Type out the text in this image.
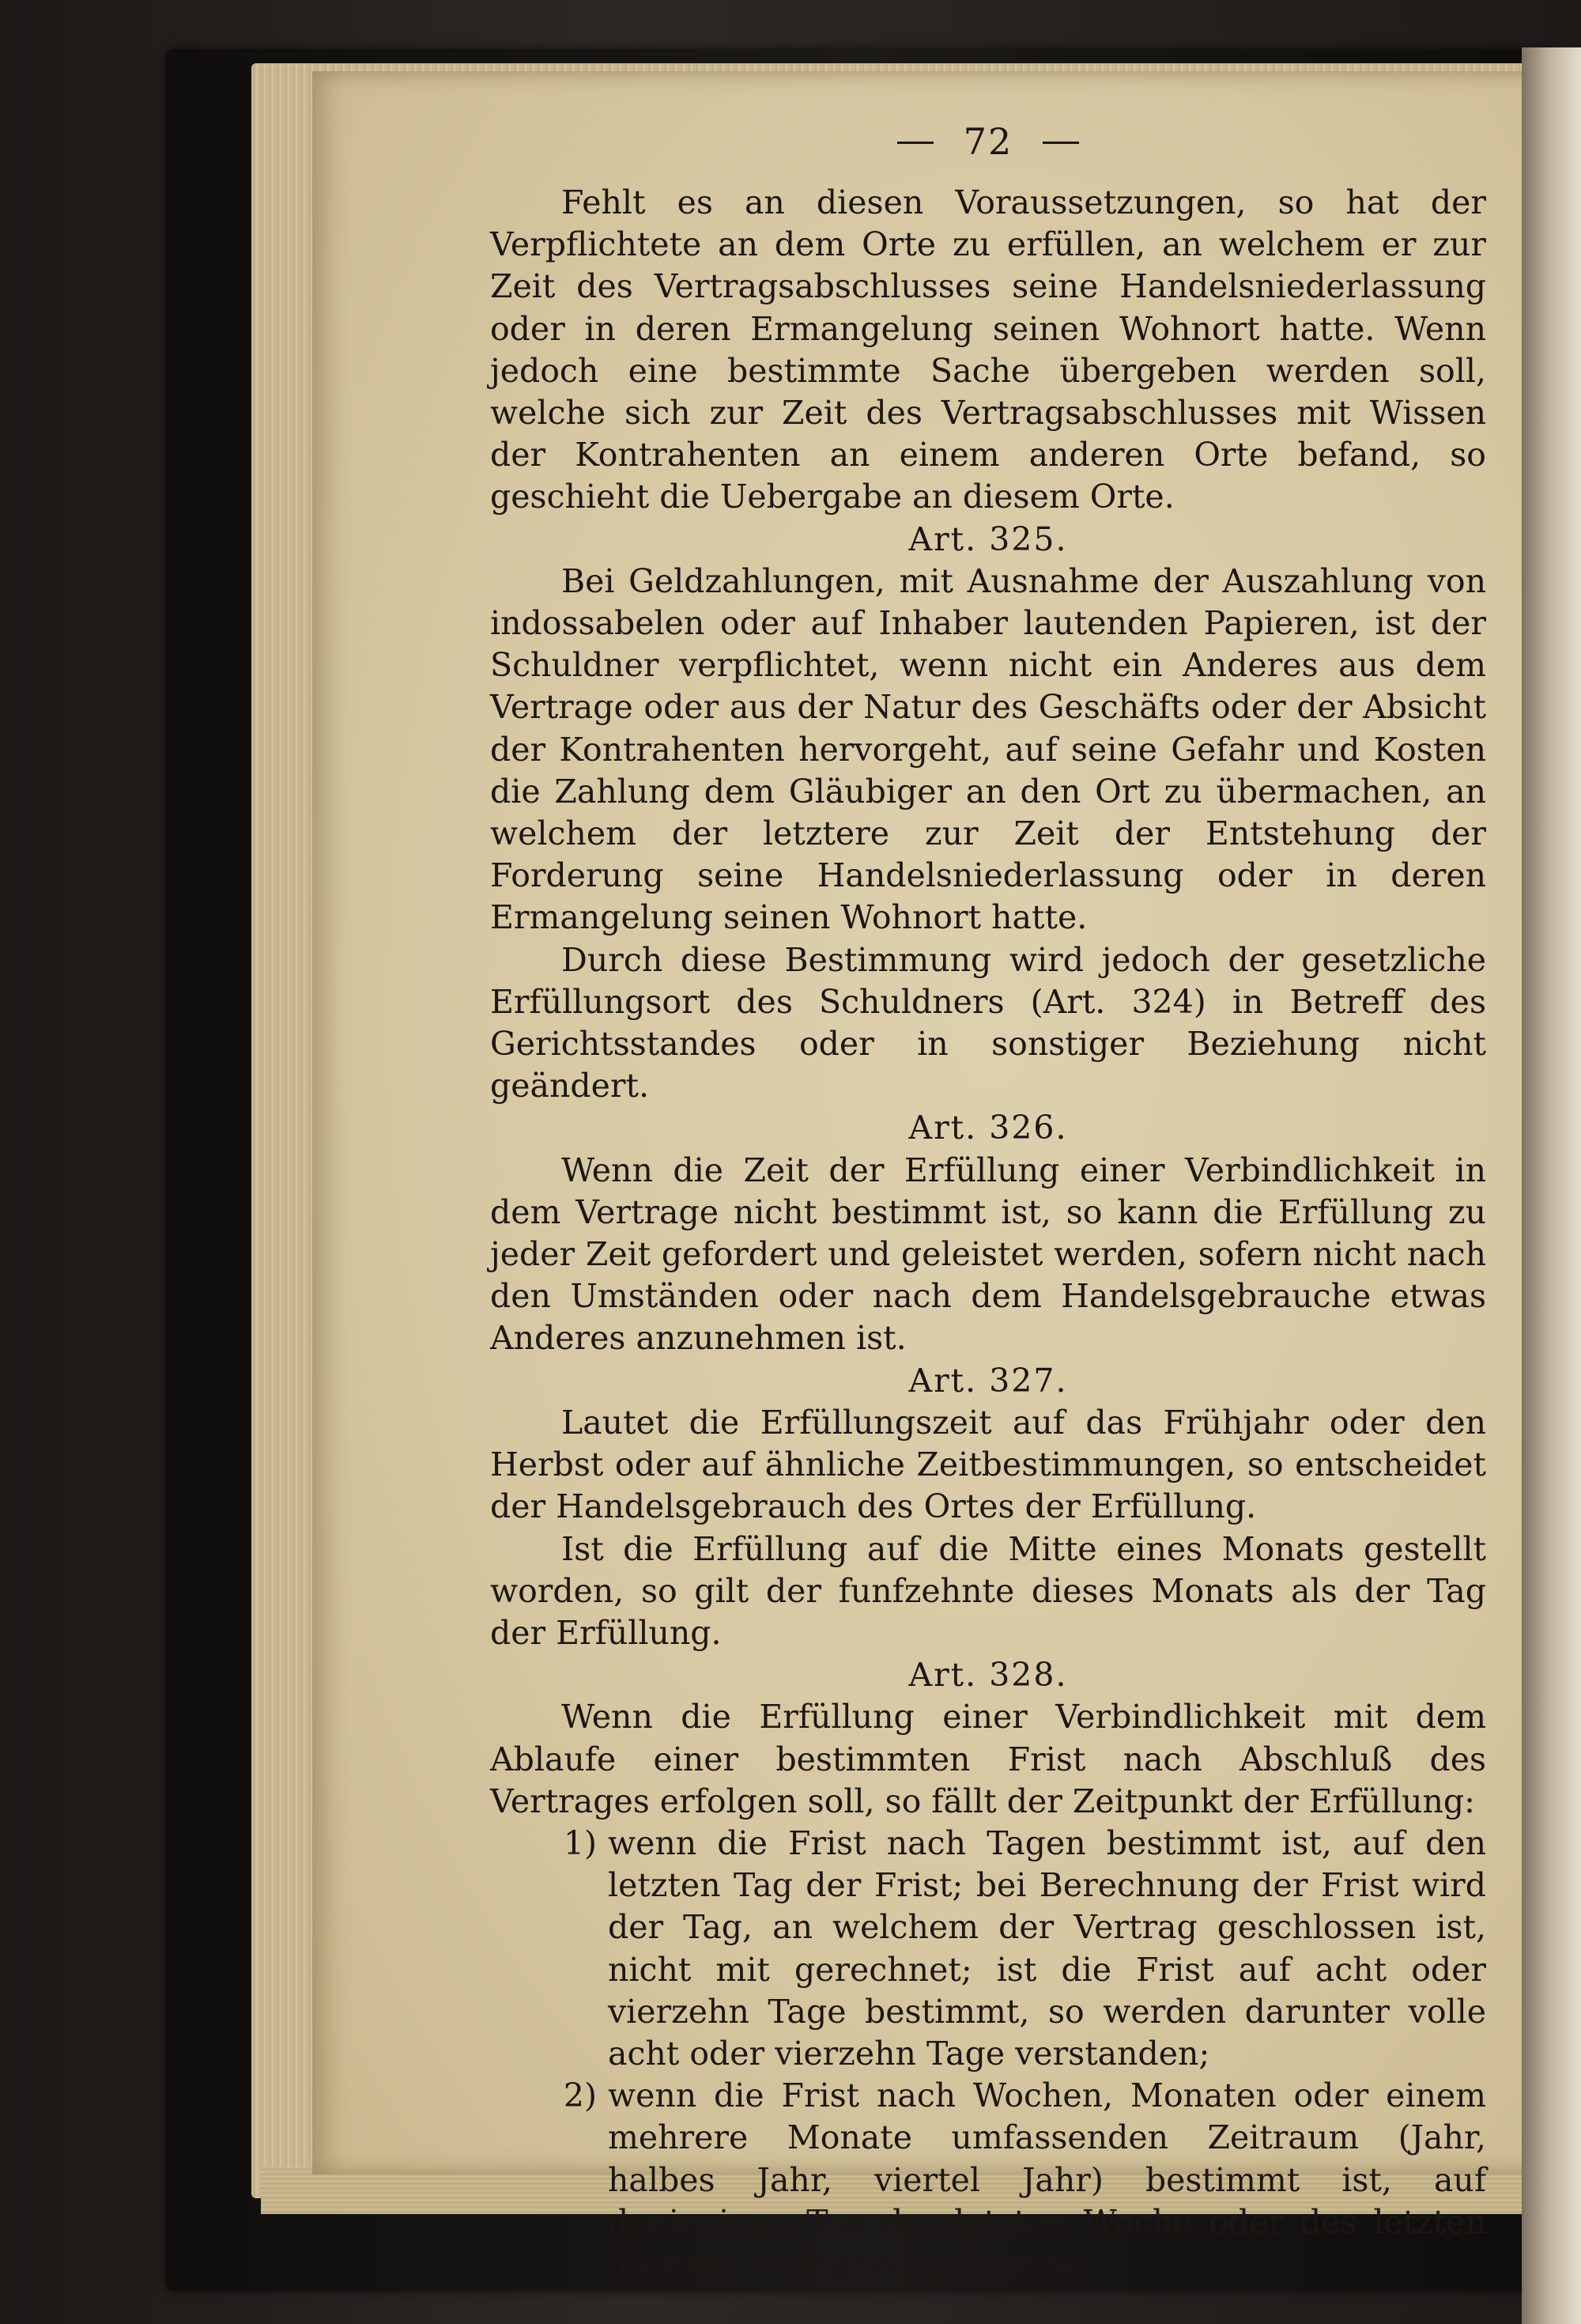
72

Fehlt es an diesen Voraussetzungen, so hat der Verpflichtete an dem Orte zu erfüllen, an welchem er zur Zeit des Vertragsabschlusses seine Handelsniederlassung oder in deren Ermangelung seinen Wohnort hatte. Wenn jedoch eine bestimmte Sache übergeben werden soll, welche sich zur Zeit des Vertragsabschlusses mit Wissen der Kontrahenten an einem anderen Orte befand, so geschieht die Uebergabe an diesem Orte.

Art. 325.

Bei Geldzahlungen, mit Ausnahme der Auszahlung von indossabelen oder auf Inhaber lautenden Papieren, ist der Schuldner verpflichtet, wenn nicht ein Anderes aus dem Vertrage oder aus der Natur des Geschäfts oder der Absicht der Kontrahenten hervorgeht, auf seine Gefahr und Kosten die Zahlung dem Gläubiger an den Ort zu übermachen, an welchem der letztere zur Zeit der Entstehung der Forderung seine Handelsniederlassung oder in deren Ermangelung seinen Wohnort hatte.

Durch diese Bestimmung wird jedoch der gesetzliche Erfüllungsort des Schuldners (Art. 324) in Betreff des Gerichtsstandes oder in sonstiger Beziehung nicht geändert.

Art. 326.

Wenn die Zeit der Erfüllung einer Verbindlichkeit in dem Vertrage nicht bestimmt ist, so kann die Erfüllung zu jeder Zeit gefordert und geleistet werden, sofern nicht nach den Umständen oder nach dem Handelsgebrauche etwas Anderes anzunehmen ist.

Art. 327.

Lautet die Erfüllungszeit auf das Frühjahr oder den Herbst oder auf ähnliche Zeitbestimmungen, so entscheidet der Handelsgebrauch des Ortes der Erfüllung.

Ist die Erfüllung auf die Mitte eines Monats gestellt worden, so gilt der funfzehnte dieses Monats als der Tag der Erfüllung.

Art. 328.

Wenn die Erfüllung einer Verbindlichkeit mit dem Ablaufe einer bestimmten Frist nach Abschluß des Vertrages erfolgen soll, so fällt der Zeitpunkt der Erfüllung:

1) wenn die Frist nach Tagen bestimmt ist, auf den letzten Tag der Frist; bei Berechnung der Frist wird der Tag, an welchem der Vertrag geschlossen ist, nicht mit gerechnet; ist die Frist auf acht oder vierzehn Tage bestimmt, so werden darunter volle acht oder vierzehn Tage verstanden;
2) wenn die Frist nach Wochen, Monaten oder einem mehrere Monate umfassenden Zeitraum (Jahr, halbes Jahr, viertel Jahr) bestimmt ist, auf denjenigen Tag der letzten Woche oder des letzten Monats, welcher durch seine
